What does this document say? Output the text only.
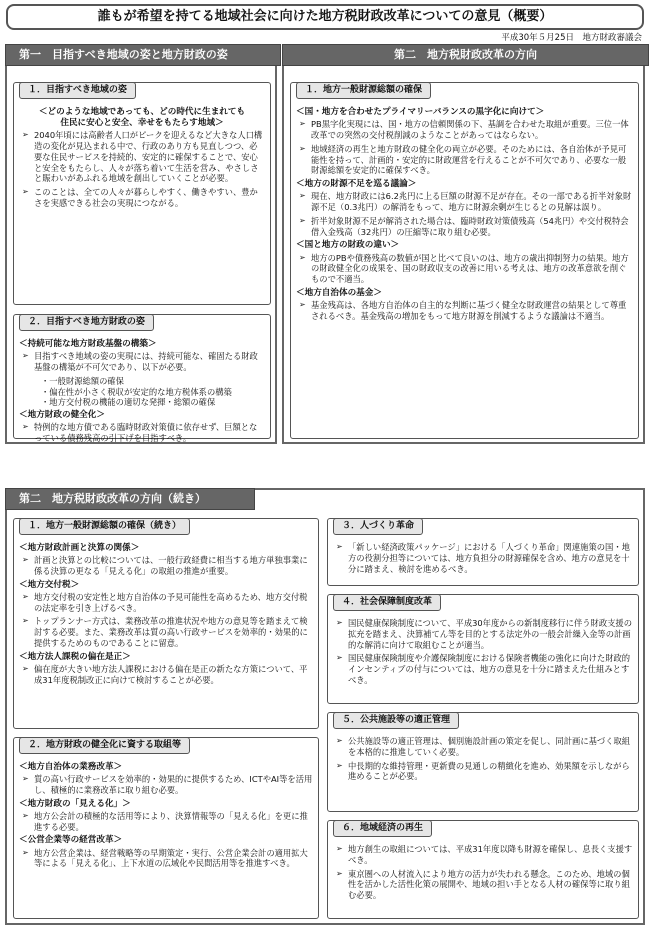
誰もが希望を持てる地域社会に向けた地方税財政改革についての意見（概要）
平成30年５月25日　地方財政審議会
第一　目指すべき地域の姿と地方財政の姿
１．目指すべき地域の姿
＜どのような地域であっても、どの時代に生まれても
住民に安心と安全、幸せをもたらす地域＞
➢ 2040年頃には高齢者人口がピークを迎えるなど大きな人口構造の変化が見込まれる中で、行政のあり方も見直しつつ、必要な住民サービスを持続的、安定的に確保することで、安心と安全をもたらし、人々が落ち着いて生活を営み、やさしさと賑わいがあふれる地域を創出していくことが必要。
➢ このことは、全ての人々が暮らしやすく、働きやすい、豊かさを実感できる社会の実現につながる。
２．目指すべき地方財政の姿
＜持続可能な地方財政基盤の構築＞
➢ 目指すべき地域の姿の実現には、持続可能な、確固たる財政基盤の構築が不可欠であり、以下が必要。
・一般財源総額の確保
・偏在性が小さく税収が安定的な地方税体系の構築
・地方交付税の機能の適切な発揮・総額の確保
＜地方財政の健全化＞
➢ 特例的な地方債である臨時財政対策債に依存せず、巨額となっている債務残高の引下げを目指すべき。
第二　地方税財政改革の方向
１．地方一般財源総額の確保
＜国・地方を合わせたプライマリーバランスの黒字化に向けて＞
➢ PB黒字化実現には、国・地方の信頼関係の下、基調を合わせた取組が重要。三位一体改革での突然の交付税削減のようなことがあってはならない。
➢ 地域経済の再生と地方財政の健全化の両立が必要。そのためには、各自治体が予見可能性を持って、計画的・安定的に財政運営を行えることが不可欠であり、必要な一般財源総額を安定的に確保すべき。
＜地方の財源不足を巡る議論＞
➢ 現在、地方財政には6.2兆円に上る巨額の財源不足が存在。その一部である折半対象財源不足（0.3兆円）の解消をもって、地方に財源余剰が生じるとの見解は誤り。
➢ 折半対象財源不足が解消された場合は、臨時財政対策債残高（54兆円）や交付税特会借入金残高（32兆円）の圧縮等に取り組む必要。
＜国と地方の財政の違い＞
➢ 地方のPBや債務残高の数値が国と比べて良いのは、地方の歳出抑制努力の結果。地方の財政健全化の成果を、国の財政収支の改善に用いる考えは、地方の改革意欲を削ぐもので不適当。
＜地方自治体の基金＞
➢ 基金残高は、各地方自治体の自主的な判断に基づく健全な財政運営の結果として尊重されるべき。基金残高の増加をもって地方財源を削減するような議論は不適当。
第二　地方税財政改革の方向（続き）
１．地方一般財源総額の確保（続き）
＜地方財政計画と決算の関係＞
➢ 計画と決算との比較については、一般行政経費に相当する地方単独事業に係る決算の更なる「見える化」の取組の推進が重要。
＜地方交付税＞
➢ 地方交付税の安定性と地方自治体の予見可能性を高めるため、地方交付税の法定率を引き上げるべき。
➢ トップランナー方式は、業務改革の推進状況や地方の意見等を踏まえて検討する必要。また、業務改革は質の高い行政サービスを効率的・効果的に提供するためのものであることに留意。
＜地方法人課税の偏在是正＞
➢ 偏在度が大きい地方法人課税における偏在是正の新たな方策について、平成31年度税制改正に向けて検討することが必要。
２．地方財政の健全化に資する取組等
＜地方自治体の業務改革＞
➢ 質の高い行政サービスを効率的・効果的に提供するため、ICTやAI等を活用し、積極的に業務改革に取り組む必要。
＜地方財政の「見える化」＞
➢ 地方公会計の積極的な活用等により、決算情報等の「見える化」を更に推進する必要。
＜公営企業等の経営改革＞
➢ 地方公営企業は、経営戦略等の早期策定・実行、公営企業会計の適用拡大等による「見える化」、上下水道の広域化や民間活用等を推進すべき。
３．人づくり革命
➢ 「新しい経済政策パッケージ」における「人づくり革命」関連施策の国・地方の役割分担等については、地方負担分の財源確保を含め、地方の意見を十分に踏まえ、検討を進めるべき。
４．社会保障制度改革
➢ 国民健康保険制度について、平成30年度からの新制度移行に伴う財政支援の拡充を踏まえ、決算補てん等を目的とする法定外の一般会計繰入金等の計画的な解消に向けて取組むことが適当。
➢ 国民健康保険制度や介護保険制度における保険者機能の強化に向けた財政的インセンティブの付与については、地方の意見を十分に踏まえた仕組みとすべき。
５．公共施設等の適正管理
➢ 公共施設等の適正管理は、個別施設計画の策定を促し、同計画に基づく取組を本格的に推進していく必要。
➢ 中長期的な維持管理・更新費の見通しの精緻化を進め、効果額を示しながら進めることが必要。
６．地域経済の再生
➢ 地方創生の取組については、平成31年度以降も財源を確保し、息長く支援すべき。
➢ 東京圏への人材流入により地方の活力が失われる懸念。このため、地域の個性を活かした活性化策の展開や、地域の担い手となる人材の確保等に取り組む必要。
